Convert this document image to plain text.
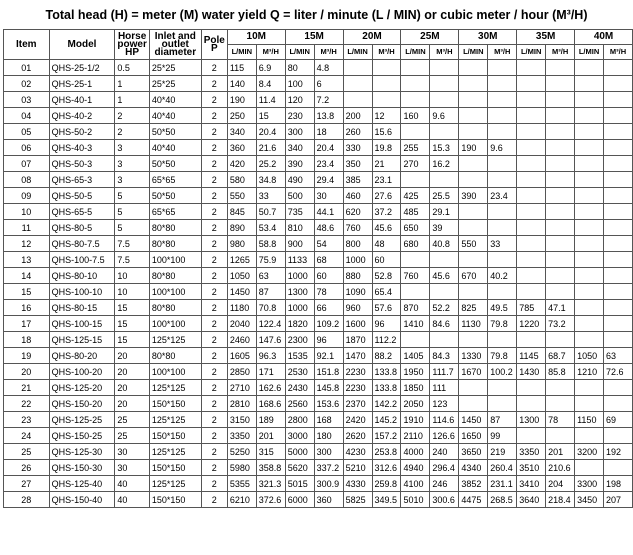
Total head (H) = meter (M) water yield Q = liter / minute (L / MIN) or cubic meter / hour (M³/H)
Item	Model	Horse
power
HP	Inlet and
outlet
diameter	Pole
P	10M		15M		20M		25M		30M		35M		40M	
					L/MIN	M³/H	L/MIN	M³/H	L/MIN	M³/H	L/MIN	M³/H	L/MIN	M³/H	L/MIN	M³/H	L/MIN	M³/H
01	QHS-25-1/2	0.5	25*25	2	115	6.9	80	4.8										
02	QHS-25-1	1	25*25	2	140	8.4	100	6										
03	QHS-40-1	1	40*40	2	190	11.4	120	7.2										
04	QHS-40-2	2	40*40	2	250	15	230	13.8	200	12	160	9.6						
05	QHS-50-2	2	50*50	2	340	20.4	300	18	260	15.6								
06	QHS-40-3	3	40*40	2	360	21.6	340	20.4	330	19.8	255	15.3	190	9.6				
07	QHS-50-3	3	50*50	2	420	25.2	390	23.4	350	21	270	16.2						
08	QHS-65-3	3	65*65	2	580	34.8	490	29.4	385	23.1								
09	QHS-50-5	5	50*50	2	550	33	500	30	460	27.6	425	25.5	390	23.4				
10	QHS-65-5	5	65*65	2	845	50.7	735	44.1	620	37.2	485	29.1						
11	QHS-80-5	5	80*80	2	890	53.4	810	48.6	760	45.6	650	39						
12	QHS-80-7.5	7.5	80*80	2	980	58.8	900	54	800	48	680	40.8	550	33				
13	QHS-100-7.5	7.5	100*100	2	1265	75.9	1133	68	1000	60								
14	QHS-80-10	10	80*80	2	1050	63	1000	60	880	52.8	760	45.6	670	40.2				
15	QHS-100-10	10	100*100	2	1450	87	1300	78	1090	65.4								
16	QHS-80-15	15	80*80	2	1180	70.8	1000	66	960	57.6	870	52.2	825	49.5	785	47.1		
17	QHS-100-15	15	100*100	2	2040	122.4	1820	109.2	1600	96	1410	84.6	1130	79.8	1220	73.2		
18	QHS-125-15	15	125*125	2	2460	147.6	2300	96	1870	112.2								
19	QHS-80-20	20	80*80	2	1605	96.3	1535	92.1	1470	88.2	1405	84.3	1330	79.8	1145	68.7	1050	63
20	QHS-100-20	20	100*100	2	2850	171	2530	151.8	2230	133.8	1950	111.7	1670	100.2	1430	85.8	1210	72.6
21	QHS-125-20	20	125*125	2	2710	162.6	2430	145.8	2230	133.8	1850	111						
22	QHS-150-20	20	150*150	2	2810	168.6	2560	153.6	2370	142.2	2050	123						
23	QHS-125-25	25	125*125	2	3150	189	2800	168	2420	145.2	1910	114.6	1450	87	1300	78	1150	69
24	QHS-150-25	25	150*150	2	3350	201	3000	180	2620	157.2	2110	126.6	1650	99				
25	QHS-125-30	30	125*125	2	5250	315	5000	300	4230	253.8	4000	240	3650	219	3350	201	3200	192
26	QHS-150-30	30	150*150	2	5980	358.8	5620	337.2	5210	312.6	4940	296.4	4340	260.4	3510	210.6		
27	QHS-125-40	40	125*125	2	5355	321.3	5015	300.9	4330	259.8	4100	246	3852	231.1	3410	204	3300	198
28	QHS-150-40	40	150*150	2	6210	372.6	6000	360	5825	349.5	5010	300.6	4475	268.5	3640	218.4	3450	207
